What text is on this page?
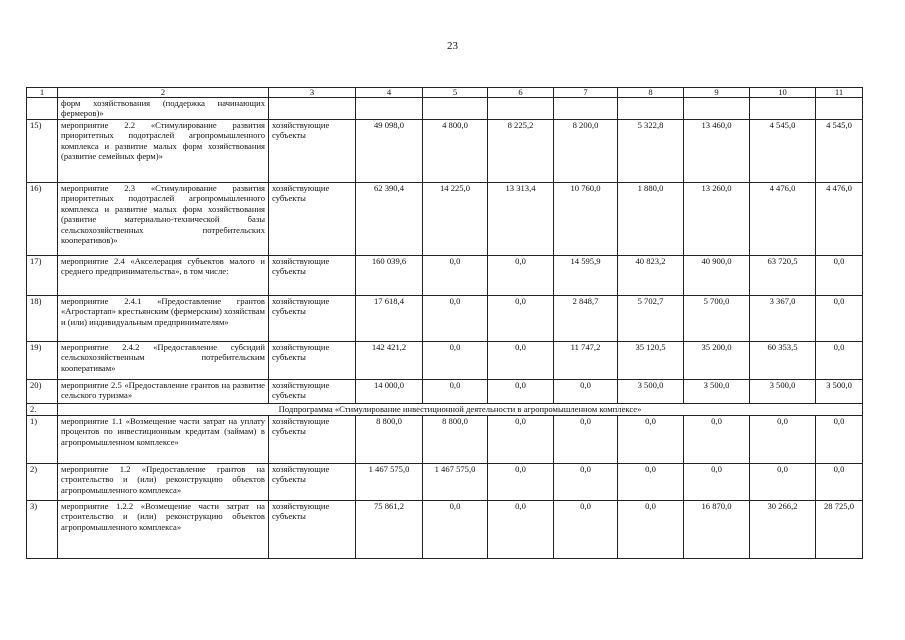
23
1	2	3	4	5	6	7	8	9	10	11
	форм хозяйствования (поддержка начинающих фермеров)»									
15)	мероприятие 2.2 «Стимулирование развития приоритетных подотраслей агропромышленного комплекса и развитие малых форм хозяйствования (развитие семейных ферм)»	хозяйствующие субъекты	49 098,0	4 800,0	8 225,2	8 200,0	5 322,8	13 460,0	4 545,0	4 545,0
16)	мероприятие 2.3 «Стимулирование развития приоритетных подотраслей агропромышленного комплекса и развитие малых форм хозяйствования (развитие материально-технической базы сельскохозяйственных потребительских кооперативов)»	хозяйствующие субъекты	62 390,4	14 225,0	13 313,4	10 760,0	1 880,0	13 260,0	4 476,0	4 476,0
17)	мероприятие 2.4 «Акселерация субъектов малого и среднего предпринимательства», в том числе:	хозяйствующие субъекты	160 039,6	0,0	0,0	14 595,9	40 823,2	40 900,0	63 720,5	0,0
18)	мероприятие 2.4.1 «Предоставление грантов «Агростартап» крестьянским (фермерским) хозяйствам и (или) индивидуальным предпринимателям»	хозяйствующие субъекты	17 618,4	0,0	0,0	2 848,7	5 702,7	5 700,0	3 367,0	0,0
19)	мероприятие 2.4.2 «Предоставление субсидий сельскохозяйственным потребительским кооперативам»	хозяйствующие субъекты	142 421,2	0,0	0,0	11 747,2	35 120,5	35 200,0	60 353,5	0,0
20)	мероприятие 2.5 «Предоставление грантов на развитие сельского туризма»	хозяйствующие субъекты	14 000,0	0,0	0,0	0,0	3 500,0	3 500,0	3 500,0	3 500,0
2.	Подпрограмма «Стимулирование инвестиционной деятельности в агропромышленном комплексе»									
1)	мероприятие 1.1 «Возмещение части затрат на уплату процентов по инвестиционным кредитам (займам) в агропромышленном комплексе»	хозяйствующие субъекты	8 800,0	8 800,0	0,0	0,0	0,0	0,0	0,0	0,0
2)	мероприятие 1.2 «Предоставление грантов на строительство и (или) реконструкцию объектов агропромышленного комплекса»	хозяйствующие субъекты	1 467 575,0	1 467 575,0	0,0	0,0	0,0	0,0	0,0	0,0
3)	мероприятие 1.2.2 «Возмещение части затрат на строительство и (или) реконструкцию объектов агропромышленного комплекса»	хозяйствующие субъекты	75 861,2	0,0	0,0	0,0	0,0	16 870,0	30 266,2	28 725,0
